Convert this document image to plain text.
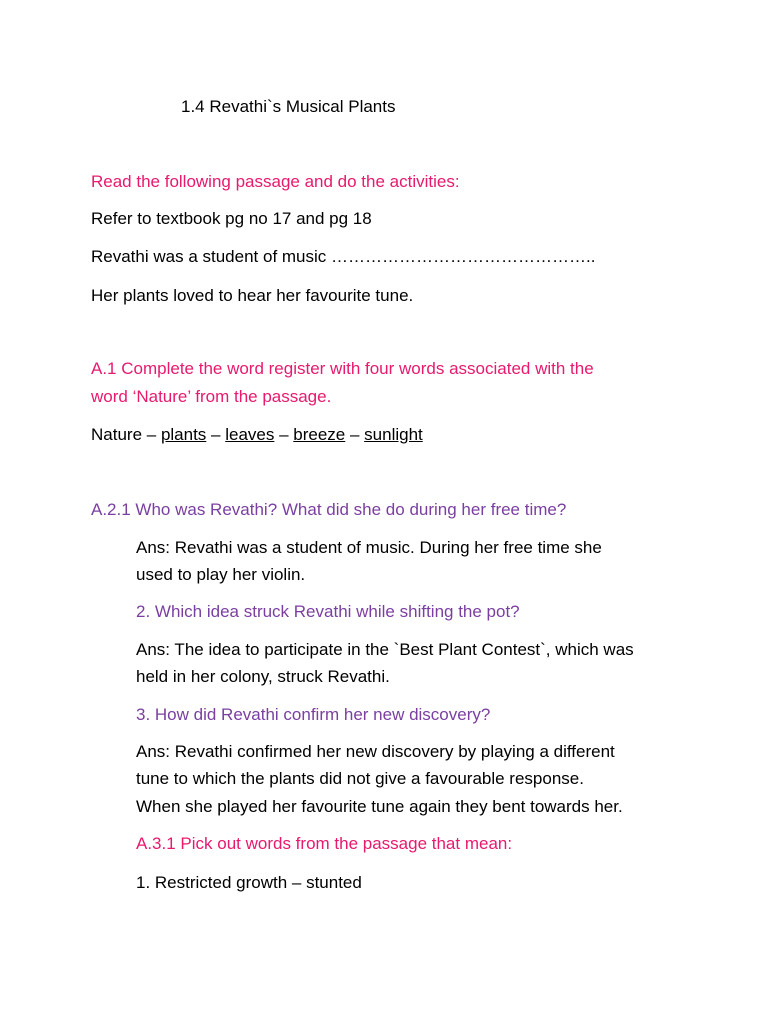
1.4 Revathi`s Musical Plants
Read the following passage and do the activities:
Refer to textbook pg no 17 and pg 18
Revathi was a student of music ………………………………………..
Her plants loved to hear her favourite tune.
A.1 Complete the word register with four words associated with the
word ‘Nature’ from the passage.
Nature – plants – leaves – breeze – sunlight
A.2.1 Who was Revathi? What did she do during her free time?
Ans: Revathi was a student of music. During her free time she
used to play her violin.
2. Which idea struck Revathi while shifting the pot?
Ans: The idea to participate in the `Best Plant Contest`, which was
held in her colony, struck Revathi.
3. How did Revathi confirm her new discovery?
Ans: Revathi confirmed her new discovery by playing a different
tune to which the plants did not give a favourable response.
When she played her favourite tune again they bent towards her.
A.3.1 Pick out words from the passage that mean:
1. Restricted growth – stunted
